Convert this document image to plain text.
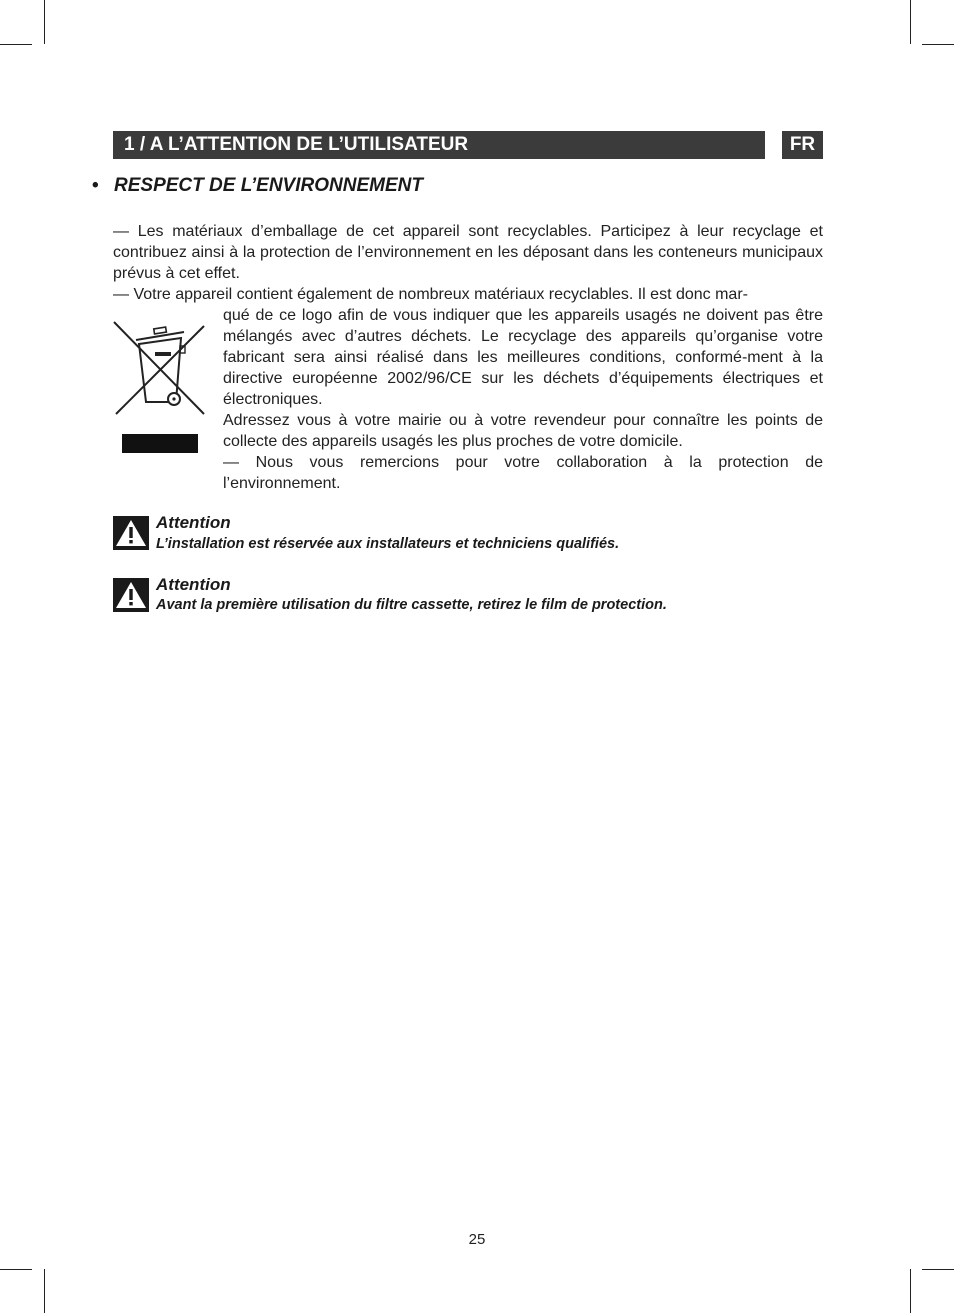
1 / A L’ATTENTION DE L’UTILISATEUR	FR
• RESPECT DE L’ENVIRONNEMENT
— Les matériaux d’emballage de cet appareil sont recyclables. Participez à leur recyclage et contribuez ainsi à la protection de l’environnement en les déposant dans les conteneurs municipaux prévus à cet effet.
— Votre appareil contient également de nombreux matériaux recyclables. Il est donc mar-
qué de ce logo afin de vous indiquer que les appareils usagés ne doivent pas être mélangés avec d’autres déchets. Le recyclage des appareils qu’organise votre fabricant sera ainsi réalisé dans les meilleures conditions, conformé-ment à la directive européenne 2002/96/CE sur les déchets d’équipements électriques et électroniques.
Adressez vous à votre mairie ou à votre revendeur pour connaître les points de collecte des appareils usagés les plus proches de votre domicile.
— Nous vous remercions pour votre collaboration à la protection de l’environnement.
Attention
L’installation est réservée aux installateurs et techniciens qualifiés.
Attention
Avant la première utilisation du filtre cassette, retirez le film de protection.
25
